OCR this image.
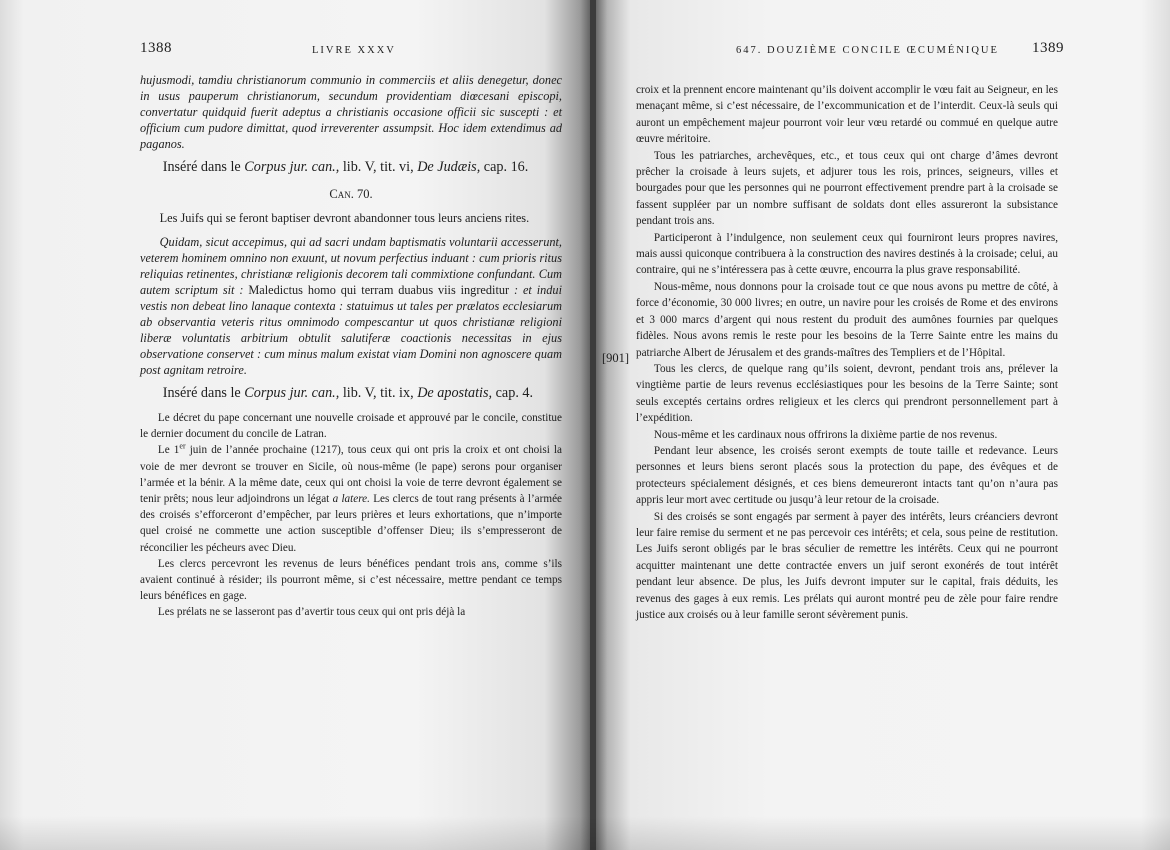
1388	LIVRE XXXV

hujusmodi, tamdiu christianorum communio in commerciis et aliis denegetur, donec in usus pauperum christianorum, secundum providentiam diœcesani episcopi, convertatur quidquid fuerit adeptus a christianis occasione officii sic suscepti : et officium cum pudore dimittat, quod irreverenter assumpsit. Hoc idem extendimus ad paganos.

Inséré dans le Corpus jur. can., lib. V, tit. vi, De Judæis, cap. 16.

Can. 70.

Les Juifs qui se feront baptiser devront abandonner tous leurs anciens rites.

Quidam, sicut accepimus, qui ad sacri undam baptismatis voluntarii accesserunt, veterem hominem omnino non exuunt, ut novum perfectius induant : cum prioris ritus reliquias retinentes, christianæ religionis decorem tali commixtione confundant. Cum autem scriptum sit : Maledictus homo qui terram duabus viis ingreditur : et indui vestis non debeat lino lanaque contexta : statuimus ut tales per prælatos ecclesiarum ab observantia veteris ritus omnimodo compescantur ut quos christianæ religioni liberæ voluntatis arbitrium obtulit salutiferæ coactionis necessitas in ejus observatione conservet : cum minus malum existat viam Domini non agnoscere quam post agnitam retroire.

Inséré dans le Corpus jur. can., lib. V, tit. ix, De apostatis, cap. 4.

Le décret du pape concernant une nouvelle croisade et approuvé par le concile, constitue le dernier document du concile de Latran.

Le 1er juin de l’année prochaine (1217), tous ceux qui ont pris la croix et ont choisi la voie de mer devront se trouver en Sicile, où nous-même (le pape) serons pour organiser l’armée et la bénir. A la même date, ceux qui ont choisi la voie de terre devront également se tenir prêts; nous leur adjoindrons un légat a latere. Les clercs de tout rang présents à l’armée des croisés s’efforceront d’empêcher, par leurs prières et leurs exhortations, que n’importe quel croisé ne commette une action susceptible d’offenser Dieu; ils s’empresseront de réconcilier les pécheurs avec Dieu.

Les clercs percevront les revenus de leurs bénéfices pendant trois ans, comme s’ils avaient continué à résider; ils pourront même, si c’est nécessaire, mettre pendant ce temps leurs bénéfices en gage.

Les prélats ne se lasseront pas d’avertir tous ceux qui ont pris déjà la

647. DOUZIÈME CONCILE ŒCUMÉNIQUE 1389
[901]

croix et la prennent encore maintenant qu’ils doivent accomplir le vœu fait au Seigneur, en les menaçant même, si c’est nécessaire, de l’excommunication et de l’interdit. Ceux-là seuls qui auront un empêchement majeur pourront voir leur vœu retardé ou commué en quelque autre œuvre méritoire.

Tous les patriarches, archevêques, etc., et tous ceux qui ont charge d’âmes devront prêcher la croisade à leurs sujets, et adjurer tous les rois, princes, seigneurs, villes et bourgades pour que les personnes qui ne pourront effectivement prendre part à la croisade se fassent suppléer par un nombre suffisant de soldats dont elles assureront la subsistance pendant trois ans.

Participeront à l’indulgence, non seulement ceux qui fourniront leurs propres navires, mais aussi quiconque contribuera à la construction des navires destinés à la croisade; celui, au contraire, qui ne s’intéressera pas à cette œuvre, encourra la plus grave responsabilité.

Nous-même, nous donnons pour la croisade tout ce que nous avons pu mettre de côté, à force d’économie, 30 000 livres; en outre, un navire pour les croisés de Rome et des environs et 3 000 marcs d’argent qui nous restent du produit des aumônes fournies par quelques fidèles. Nous avons remis le reste pour les besoins de la Terre Sainte entre les mains du patriarche Albert de Jérusalem et des grands-maîtres des Templiers et de l’Hôpital.

Tous les clercs, de quelque rang qu’ils soient, devront, pendant trois ans, prélever la vingtième partie de leurs revenus ecclésiastiques pour les besoins de la Terre Sainte; sont seuls exceptés certains ordres religieux et les clercs qui prendront personnellement part à l’expédition.

Nous-même et les cardinaux nous offrirons la dixième partie de nos revenus.

Pendant leur absence, les croisés seront exempts de toute taille et redevance. Leurs personnes et leurs biens seront placés sous la protection du pape, des évêques et de protecteurs spécialement désignés, et ces biens demeureront intacts tant qu’on n’aura pas appris leur mort avec certitude ou jusqu’à leur retour de la croisade.

Si des croisés se sont engagés par serment à payer des intérêts, leurs créanciers devront leur faire remise du serment et ne pas percevoir ces intérêts; et cela, sous peine de restitution. Les Juifs seront obligés par le bras séculier de remettre les intérêts. Ceux qui ne pourront acquitter maintenant une dette contractée envers un juif seront exonérés de tout intérêt pendant leur absence. De plus, les Juifs devront imputer sur le capital, frais déduits, les revenus des gages à eux remis. Les prélats qui auront montré peu de zèle pour faire rendre justice aux croisés ou à leur famille seront sévèrement punis.
